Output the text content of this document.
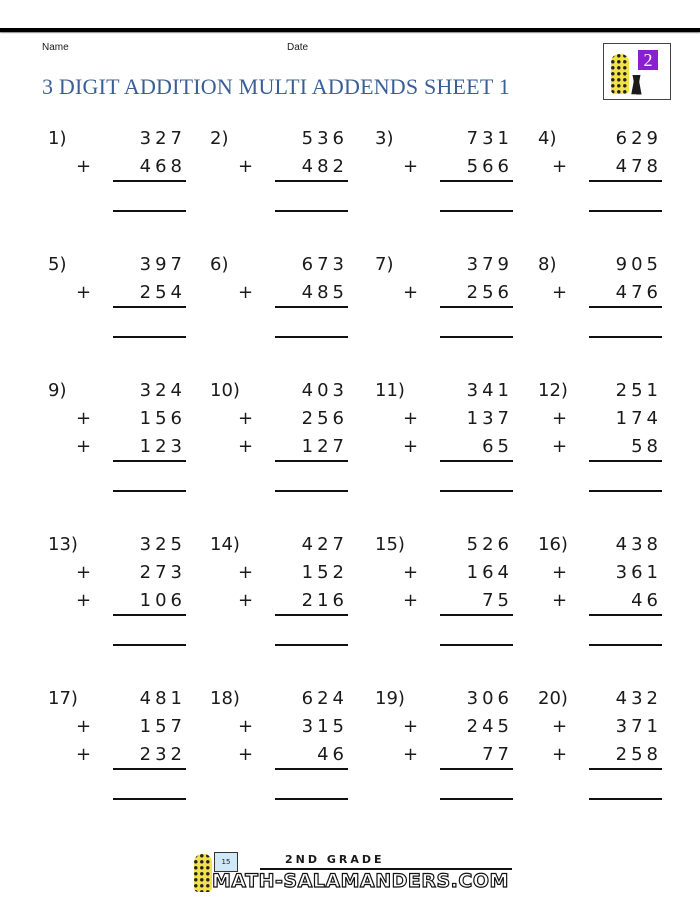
Name	Date
3 DIGIT ADDITION MULTI ADDENDS SHEET 1
2
/\/\
1)	327
+	468
2)	536
+	482
3)	731
+	566
4)	629
+	478
5)	397
+	254
6)	673
+	485
7)	379
+	256
8)	905
+	476
9)	324
+	156
+	123
10)	403
+	256
+	127
11)	341
+	137
+	65
12)	251
+	174
+	58
13)	325
+	273
+	106
14)	427
+	152
+	216
15)	526
+	164
+	75
16)	438
+	361
+	46
17)	481
+	157
+	232
18)	624
+	315
+	46
19)	306
+	245
+	77
20)	432
+	371
+	258
15	2ND GRADE
MATH-SALAMANDERS.COM
